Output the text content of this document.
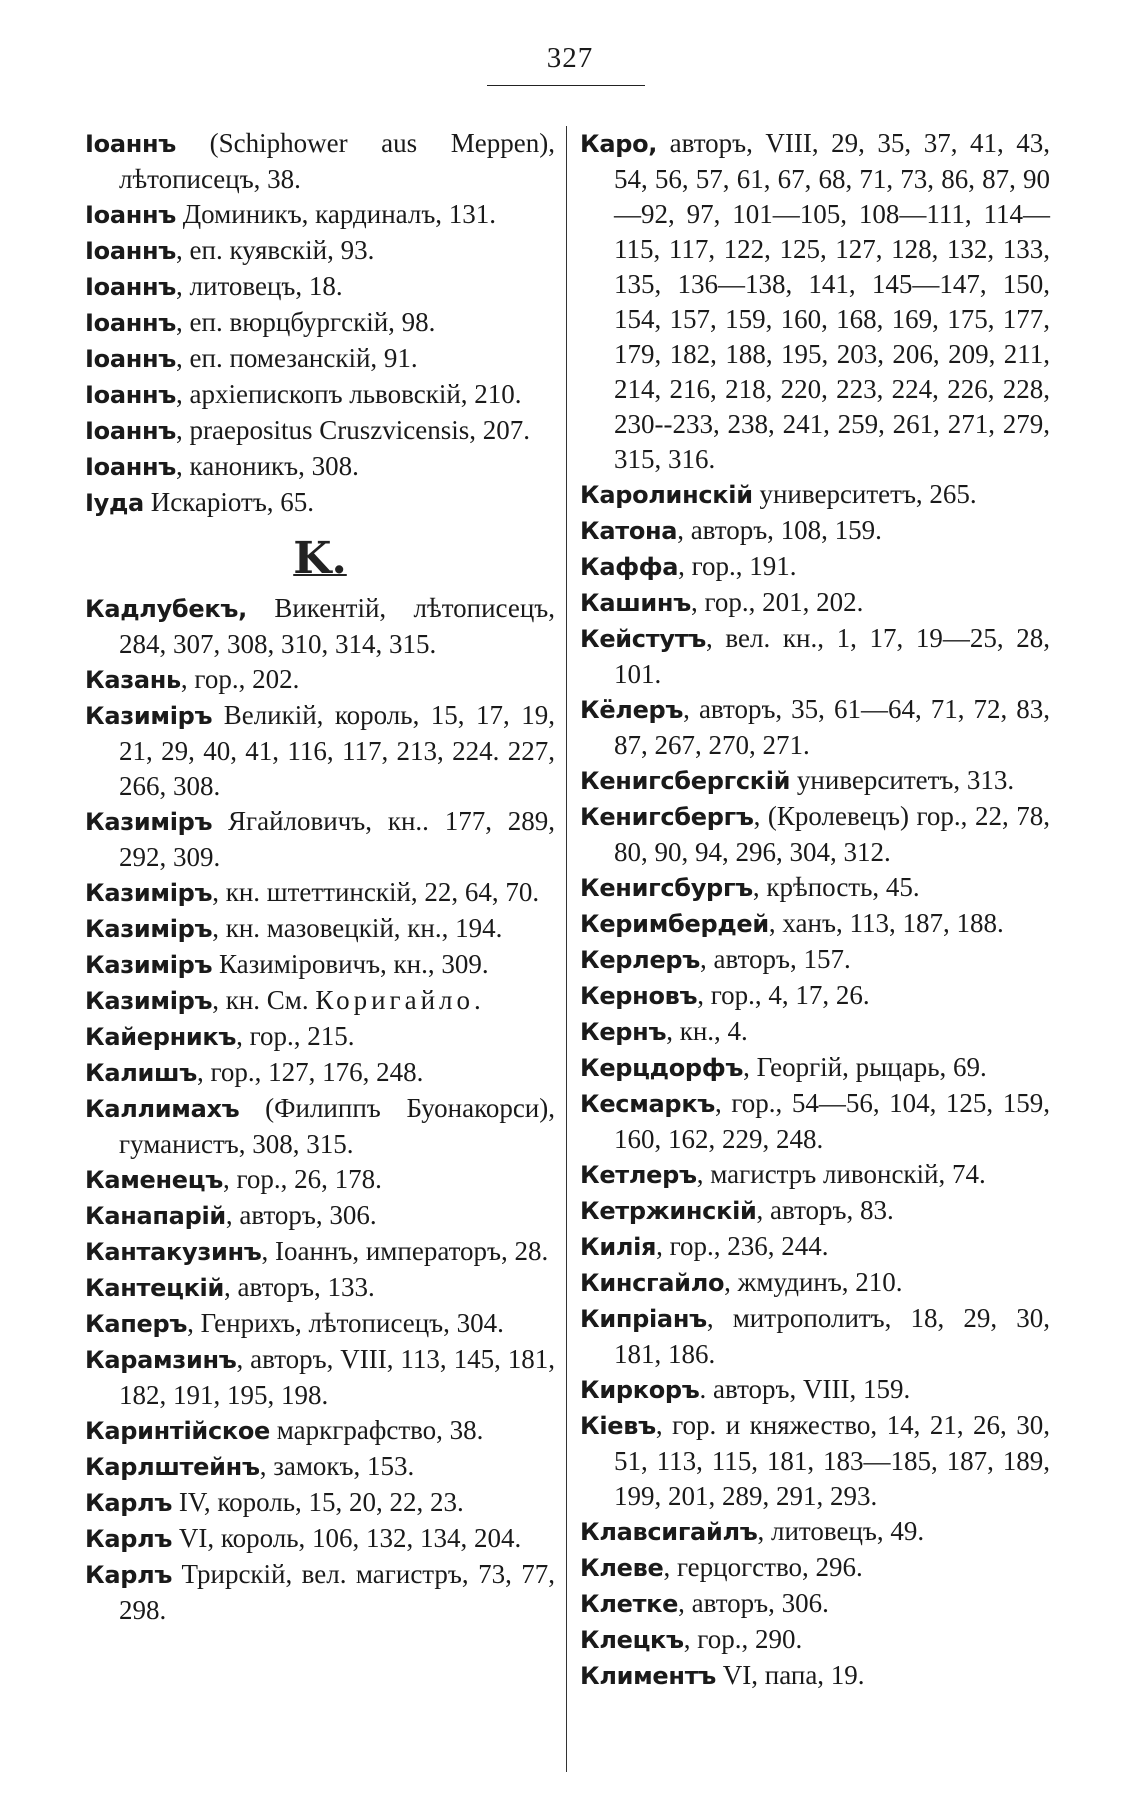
327
Іоаннъ (Schiphower aus Meppen), лѣтописецъ, 38.
Іоаннъ Доминикъ, кардиналъ, 131.
Іоаннъ, еп. куявскій, 93.
Іоаннъ, литовецъ, 18.
Іоаннъ, еп. вюрцбургскій, 98.
Іоаннъ, еп. помезанскій, 91.
Іоаннъ, архіепископъ львовскій, 210.
Іоаннъ, praepositus Cruszvicensis, 207.
Іоаннъ, каноникъ, 308.
Іуда Искаріотъ, 65.
K.
Кадлубекъ, Викентій, лѣтописецъ, 284, 307, 308, 310, 314, 315.
Казань, гор., 202.
Казиміръ Великій, король, 15, 17, 19, 21, 29, 40, 41, 116, 117, 213, 224. 227, 266, 308.
Казиміръ Ягайловичъ, кн.. 177, 289, 292, 309.
Казиміръ, кн. штеттинскій, 22, 64, 70.
Казиміръ, кн. мазовецкій, кн., 194.
Казиміръ Казиміровичъ, кн., 309.
Казиміръ, кн. См. Коригайло.
Кайерникъ, гор., 215.
Калишъ, гор., 127, 176, 248.
Каллимахъ (Филиппъ Буонакорси), гуманистъ, 308, 315.
Каменецъ, гор., 26, 178.
Канапарій, авторъ, 306.
Кантакузинъ, Іоаннъ, императоръ, 28.
Кантецкій, авторъ, 133.
Каперъ, Генрихъ, лѣтописецъ, 304.
Карамзинъ, авторъ, VIII, 113, 145, 181, 182, 191, 195, 198.
Каринтійское маркграфство, 38.
Карлштейнъ, замокъ, 153.
Карлъ IV, король, 15, 20, 22, 23.
Карлъ VI, король, 106, 132, 134, 204.
Карлъ Трирскій, вел. магистръ, 73, 77, 298.
Каро, авторъ, VIII, 29, 35, 37, 41, 43, 54, 56, 57, 61, 67, 68, 71, 73, 86, 87, 90—92, 97, 101—105, 108—111, 114—115, 117, 122, 125, 127, 128, 132, 133, 135, 136—138, 141, 145—147, 150, 154, 157, 159, 160, 168, 169, 175, 177, 179, 182, 188, 195, 203, 206, 209, 211, 214, 216, 218, 220, 223, 224, 226, 228, 230--233, 238, 241, 259, 261, 271, 279, 315, 316.
Каролинскій университетъ, 265.
Катона, авторъ, 108, 159.
Каффа, гор., 191.
Кашинъ, гор., 201, 202.
Кейстутъ, вел. кн., 1, 17, 19—25, 28, 101.
Кёлеръ, авторъ, 35, 61—64, 71, 72, 83, 87, 267, 270, 271.
Кенигсбергскій университетъ, 313.
Кенигсбергъ, (Кролевецъ) гор., 22, 78, 80, 90, 94, 296, 304, 312.
Кенигсбургъ, крѣпость, 45.
Керимбердей, ханъ, 113, 187, 188.
Керлеръ, авторъ, 157.
Керновъ, гор., 4, 17, 26.
Кернъ, кн., 4.
Керцдорфъ, Георгій, рыцарь, 69.
Кесмаркъ, гор., 54—56, 104, 125, 159, 160, 162, 229, 248.
Кетлеръ, магистръ ливонскій, 74.
Кетржинскій, авторъ, 83.
Килія, гор., 236, 244.
Кинсгайло, жмудинъ, 210.
Кипріанъ, митрополитъ, 18, 29, 30, 181, 186.
Киркоръ. авторъ, VIII, 159.
Кіевъ, гор. и княжество, 14, 21, 26, 30, 51, 113, 115, 181, 183—185, 187, 189, 199, 201, 289, 291, 293.
Клавсигайлъ, литовецъ, 49.
Клеве, герцогство, 296.
Клетке, авторъ, 306.
Клецкъ, гор., 290.
Климентъ VI, папа, 19.
